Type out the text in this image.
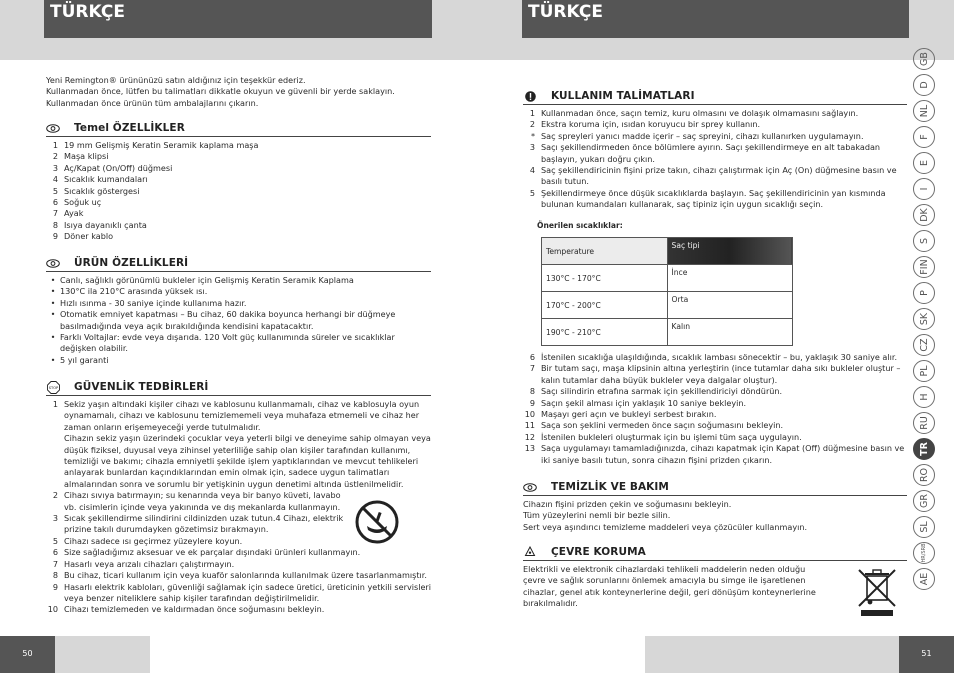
TÜRKÇE
Yeni Remington® ürününüzü satın aldığınız için teşekkür ederiz.
Kullanmadan önce, lütfen bu talimatları dikkatle okuyun ve güvenli bir yerde saklayın.
Kullanmadan önce ürünün tüm ambalajlarını çıkarın.
Temel ÖZELLİKLER
1 19 mm Gelişmiş Keratin Seramik kaplama maşa
2 Maşa klipsi
3 Aç/Kapat (On/Off) düğmesi
4 Sıcaklık kumandaları
5 Sıcaklık göstergesi
6 Soğuk uç
7 Ayak
8 Isıya dayanıklı çanta
9 Döner kablo
ÜRÜN ÖZELLİKLERİ
• Canlı, sağlıklı görünümlü bukleler için Gelişmiş Keratin Seramik Kaplama
• 130°C ila 210°C arasında yüksek ısı.
• Hızlı ısınma - 30 saniye içinde kullanıma hazır.
• Otomatik emniyet kapatması – Bu cihaz, 60 dakika boyunca herhangi bir düğmeye basılmadığında veya açık bırakıldığında kendisini kapatacaktır.
• Farklı Voltajlar: evde veya dışarıda. 120 Volt güç kullanımında süreler ve sıcaklıklar değişken olabilir.
• 5 yıl garanti
STOP GÜVENLİK TEDBİRLERİ
1 Sekiz yaşın altındaki kişiler cihazı ve kablosunu kullanmamalı, cihaz ve kablosuyla oyun oynamamalı, cihazı ve kablosunu temizlememeli veya muhafaza etmemeli ve cihaz her zaman onların erişemeyeceği yerde tutulmalıdır.
Cihazın sekiz yaşın üzerindeki çocuklar veya yeterli bilgi ve deneyime sahip olmayan veya düşük fiziksel, duyusal veya zihinsel yeterliliğe sahip olan kişiler tarafından kullanımı, temizliği ve bakımı; cihazla emniyetli şekilde işlem yaptıklarından ve mevcut tehlikeleri anlayarak bunlardan kaçındıklarından emin olmak için, sadece uygun talimatları almalarından sonra ve sorumlu bir yetişkinin uygun denetimi altında üstlenilmelidir.
2 Cihazı sıvıya batırmayın; su kenarında veya bir banyo küveti, lavabo vb. cisimlerin içinde veya yakınında ve dış mekanlarda kullanmayın.
3 Sıcak şekillendirme silindirini cildinizden uzak tutun.4 Cihazı, elektrik prizine takılı durumdayken gözetimsiz bırakmayın.
5 Cihazı sadece ısı geçirmez yüzeylere koyun.
6 Size sağladığımız aksesuar ve ek parçalar dışındaki ürünleri kullanmayın.
7 Hasarlı veya arızalı cihazları çalıştırmayın.
8 Bu cihaz, ticari kullanım için veya kuaför salonlarında kullanılmak üzere tasarlanmamıştır.
9 Hasarlı elektrik kabloları, güvenliği sağlamak için sadece üretici, üreticinin yetkili servisleri veya benzer niteliklere sahip kişiler tarafından değiştirilmelidir.
10 Cihazı temizlemeden ve kaldırmadan önce soğumasını bekleyin.
50
TÜRKÇE
KULLANIM TALİMATLARI
1 Kullanmadan önce, saçın temiz, kuru olmasını ve dolaşık olmamasını sağlayın.
2 Ekstra koruma için, ısıdan koruyucu bir sprey kullanın.
* Saç spreyleri yanıcı madde içerir – saç spreyini, cihazı kullanırken uygulamayın.
3 Saçı şekillendirmeden önce bölümlere ayırın. Saçı şekillendirmeye en alt tabakadan başlayın, yukarı doğru çıkın.
4 Saç şekillendiricinin fişini prize takın, cihazı çalıştırmak için Aç (On) düğmesine basın ve basılı tutun.
5 Şekillendirmeye önce düşük sıcaklıklarda başlayın. Saç şekillendiricinin yan kısmında bulunan kumandaları kullanarak, saç tipiniz için uygun sıcaklığı seçin.
Önerilen sıcaklıklar:
Temperature	Saç tipi
130°C - 170°C	İnce
170°C - 200°C	Orta
190°C - 210°C	Kalın
6 İstenilen sıcaklığa ulaşıldığında, sıcaklık lambası sönecektir – bu, yaklaşık 30 saniye alır.
7 Bir tutam saçı, maşa klipsinin altına yerleştirin (ince tutamlar daha sıkı bukleler oluştur – kalın tutamlar daha büyük bukleler veya dalgalar oluştur).
8 Saçı silindirin etrafına sarmak için şekillendiriciyi döndürün.
9 Saçın şekil alması için yaklaşık 10 saniye bekleyin.
10 Maşayı geri açın ve bukleyi serbest bırakın.
11 Saça son şeklini vermeden önce saçın soğumasını bekleyin.
12 İstenilen bukleleri oluşturmak için bu işlemi tüm saça uygulayın.
13 Saça uygulamayı tamamladığınızda, cihazı kapatmak için Kapat (Off) düğmesine basın ve iki saniye basılı tutun, sonra cihazın fişini prizden çıkarın.
TEMİZLİK VE BAKIM
Cihazın fişini prizden çekin ve soğumasını bekleyin.
Tüm yüzeylerini nemli bir bezle silin.
Sert veya aşındırıcı temizleme maddeleri veya çözücüler kullanmayın.
ÇEVRE KORUMA
Elektrikli ve elektronik cihazlardaki tehlikeli maddelerin neden olduğu
çevre ve sağlık sorunlarını önlemek amacıyla bu simge ile işaretlenen
cihazlar, genel atık konteynerlerine değil, geri dönüşüm konteynerlerine
bırakılmalıdır.
GB
D
NL
F
E
I
DK
S
FIN
P
SK
CZ
PL
H
RU
TR
RO
GR
SL
HR/SRB
AE
51
